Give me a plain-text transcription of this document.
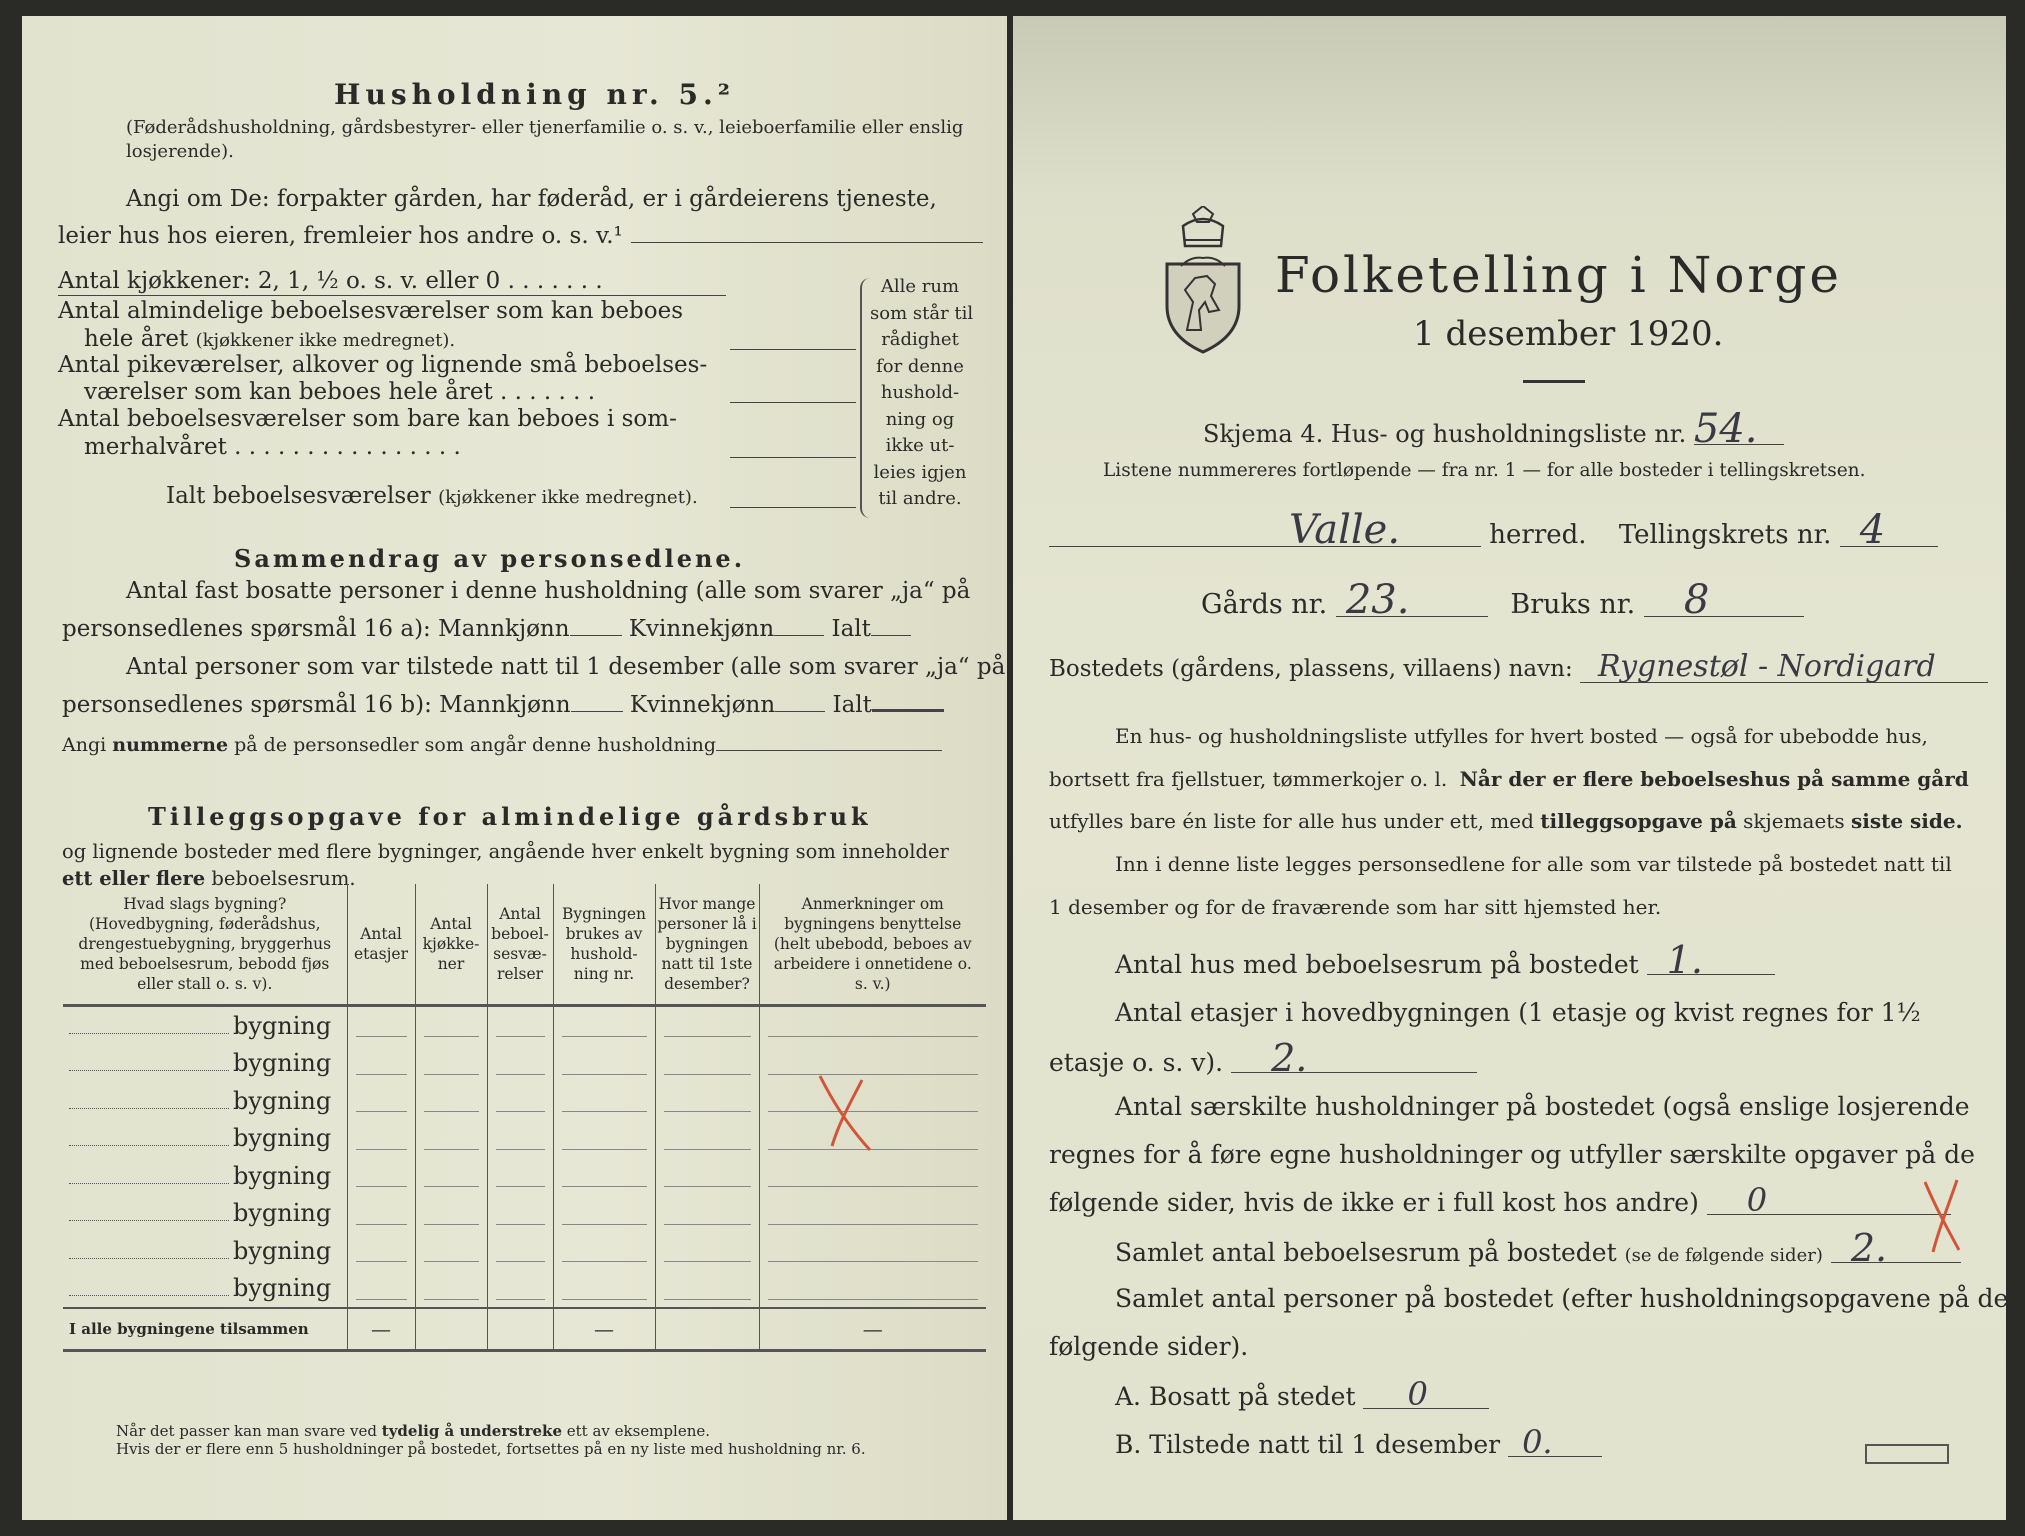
Husholdning nr. 5.²
(Føderådshusholdning, gårdsbestyrer- eller tjenerfamilie o. s. v., leieboerfamilie eller enslig losjerende).
Angi om De: forpakter gården, har føderåd, er i gårdeierens tjeneste,
leier hus hos eieren, fremleier hos andre o. s. v.¹
Antal kjøkkener: 2, 1, ½ o. s. v. eller 0 . . . . . . .
Antal almindelige beboelsesværelser som kan beboes
hele året (kjøkkener ikke medregnet).
Antal pikeværelser, alkover og lignende små beboelses-
værelser som kan beboes hele året . . . . . . .
Antal beboelsesværelser som bare kan beboes i som-
merhalvåret . . . . . . . . . . . . . . . .
Ialt beboelsesværelser (kjøkkener ikke medregnet).
Alle rum
som står til
rådighet
for denne
hushold-
ning og
ikke ut-
leies igjen
til andre.
Sammendrag av personsedlene.
Antal fast bosatte personer i denne husholdning (alle som svarer „ja“ på
personsedlenes spørsmål 16 a): Mannkjønn	Kvinnekjønn Ialt
Antal personer som var tilstede natt til 1 desember (alle som svarer „ja“ på
personsedlenes spørsmål 16 b): Mannkjønn	Kvinnekjønn Ialt
Angi nummerne på de personsedler som angår denne husholdning
Tilleggsopgave for almindelige gårdsbruk
og lignende bosteder med flere bygninger, angående hver enkelt bygning som inneholder
ett eller flere beboelsesrum.
Hvad slags bygning? (Hovedbygning, føderådshus, drengestuebygning, bryggerhus med beboelsesrum, bebodd fjøs eller stall o. s. v).	Antal etasjer	Antal kjøkke-ner	Antal beboel-sesvæ-relser	Bygningen brukes av hushold-ning nr.	Hvor mange personer lå i bygningen natt til 1ste desember?	Anmerkninger om bygningens benyttelse (helt ubebodd, beboes av arbeidere i onnetidene o. s. v.)
bygning	

bygning	

bygning	

bygning	

bygning	

bygning	

bygning	

bygning	

I alle bygningene tilsammen	—			—		—
Når det passer kan man svare ved tydelig å understreke ett av eksemplene.
Hvis der er flere enn 5 husholdninger på bostedet, fortsettes på en ny liste med husholdning nr. 6.
Folketelling i Norge
1 desember 1920.
Skjema 4. Hus- og husholdningsliste nr. 54.
Listene nummereres fortløpende — fra nr. 1 — for alle bosteder i tellingskretsen.
Valle.	herred. Tellingskrets nr. 4
Gårds nr. 23.	Bruks nr. 8
Bostedets (gårdens, plassens, villaens) navn: Rygnestøl - Nordigard
En hus- og husholdningsliste utfylles for hvert bosted — også for ubebodde hus,
bortsett fra fjellstuer, tømmerkojer o. l. Når der er flere beboelseshus på samme gård
utfylles bare én liste for alle hus under ett, med tilleggsopgave på skjemaets siste side.
Inn i denne liste legges personsedlene for alle som var tilstede på bostedet natt til
1 desember og for de fraværende som har sitt hjemsted her.
Antal hus med beboelsesrum på bostedet 1.
Antal etasjer i hovedbygningen (1 etasje og kvist regnes for 1½
etasje o. s. v). 2.
Antal særskilte husholdninger på bostedet (også enslige losjerende
regnes for å føre egne husholdninger og utfyller særskilte opgaver på de
følgende sider, hvis de ikke er i full kost hos andre) 0
Samlet antal beboelsesrum på bostedet (se de følgende sider) 2.
Samlet antal personer på bostedet (efter husholdningsopgavene på de
følgende sider).
A. Bosatt på stedet 0
B. Tilstede natt til 1 desember 0.
